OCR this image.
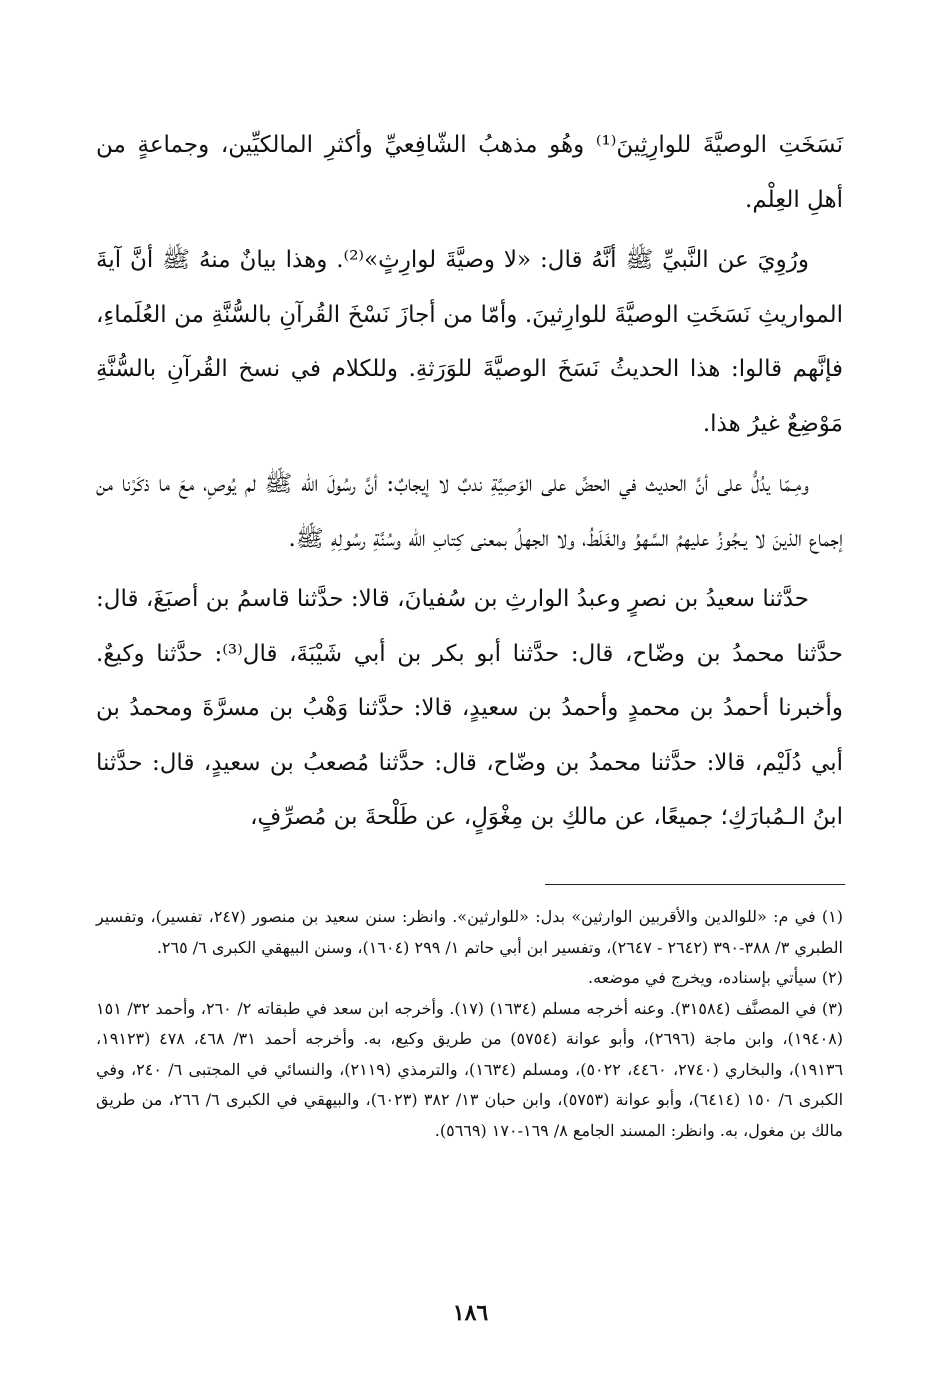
نَسَخَتِ الوصيَّةَ للوارِثِينَ⁽¹⁾ وهُو مذهبُ الشّافِعيِّ وأكثرِ المالكيِّين، وجماعةٍ من أهلِ العِلْم.

ورُوِيَ عن النَّبيِّ ﷺ أنَّهُ قال: «لا وصيَّةَ لوارِثٍ»⁽²⁾. وهذا بيانٌ منهُ ﷺ أنَّ آيةَ المواريثِ نَسَخَتِ الوصيَّةَ للوارِثينَ. وأمّا من أجازَ نَسْخَ القُرآنِ بالسُّنَّةِ من العُلَماءِ، فإنَّهم قالوا: هذا الحديثُ نَسَخَ الوصيَّةَ للوَرَثةِ. وللكلام في نسخ القُرآنِ بالسُّنَّةِ مَوْضِعٌ غيرُ هذا.

ومِـمّا يدُلُّ على أنَّ الحديث في الحضِّ على الوَصِيَّةِ ندبٌ لا إيجابٌ: أنَّ رسُولَ الله ﷺ لم يُوصِ، معَ ما ذكَرْنا من إجماع الذينَ لا يـجُوزُ عليهمُ السَّهوُ والغَلَطُ، ولا الجهلُ بمعنى كِتابِ الله وسُنَّةِ رسُولِهِ ﷺ.

حدَّثنا سعيدُ بن نصرٍ وعبدُ الوارثِ بن سُفيانَ، قالا: حدَّثنا قاسمُ بن أصبَغَ، قال: حدَّثنا محمدُ بن وضّاح، قال: حدَّثنا أبو بكر بن أبي شَيْبَةَ، قال⁽³⁾: حدَّثنا وكيعٌ. وأخبرنا أحمدُ بن محمدٍ وأحمدُ بن سعيدٍ، قالا: حدَّثنا وَهْبُ بن مسرَّةَ ومحمدُ بن أبي دُلَيْم، قالا: حدَّثنا محمدُ بن وضّاح، قال: حدَّثنا مُصعبُ بن سعيدٍ، قال: حدَّثنا ابنُ الـمُبارَكِ؛ جميعًا، عن مالكِ بن مِغْوَلٍ، عن طَلْحةَ بن مُصرِّفٍ،

(١) في م: «للوالدين والأقربين الوارثين» بدل: «للوارثين». وانظر: سنن سعيد بن منصور (٢٤٧، تفسير)، وتفسير الطبري ٣/ ٣٨٨-٣٩٠ (٢٦٤٢ - ٢٦٤٧)، وتفسير ابن أبي حاتم ١/ ٢٩٩ (١٦٠٤)، وسنن البيهقي الكبرى ٦/ ٢٦٥.

(٢) سيأتي بإسناده، ويخرج في موضعه.

(٣) في المصنَّف (٣١٥٨٤). وعنه أخرجه مسلم (١٦٣٤) (١٧). وأخرجه ابن سعد في طبقاته ٢/ ٢٦٠، وأحمد ٣٢/ ١٥١ (١٩٤٠٨)، وابن ماجة (٢٦٩٦)، وأبو عوانة (٥٧٥٤) من طريق وكيع، به. وأخرجه أحمد ٣١/ ٤٦٨، ٤٧٨ (١٩١٢٣، ١٩١٣٦)، والبخاري (٢٧٤٠، ٤٤٦٠، ٥٠٢٢)، ومسلم (١٦٣٤)، والترمذي (٢١١٩)، والنسائي في المجتبى ٦/ ٢٤٠، وفي الكبرى ٦/ ١٥٠ (٦٤١٤)، وأبو عوانة (٥٧٥٣)، وابن حبان ١٣/ ٣٨٢ (٦٠٢٣)، والبيهقي في الكبرى ٦/ ٢٦٦، من طريق مالك بن مغول، به. وانظر: المسند الجامع ٨/ ١٦٩-١٧٠ (٥٦٦٩).

١٨٦
